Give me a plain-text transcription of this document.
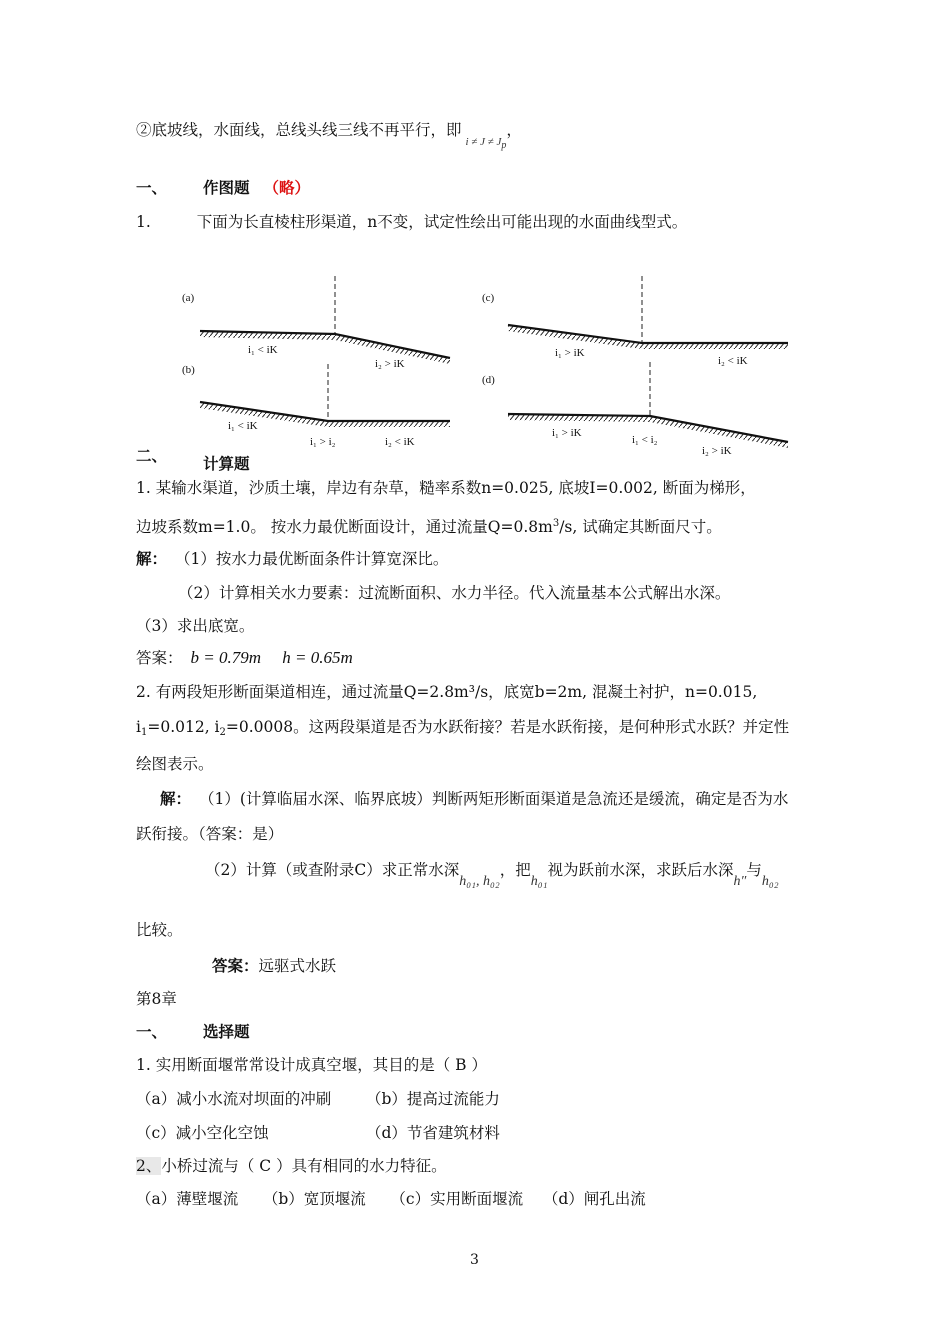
②底坡线，水面线，总线头线三线不再平行，即$_{i \ne J \ne J_p}$，
一、 作图题 （略）
1.	下面为长直棱柱形渠道，n不变，试定性绘出可能出现的水面曲线型式。
(a)
i₁ < iK
i₂ > iK
(b)
i₁ < iK
i₁ > i₂	i₂ < iK
(c)
i₁ > iK
i₂ < iK
(d)
i₁ > iK
i₁ < i₂
i₂ > iK
二、 计算题
1. 某输水渠道，沙质土壤，岸边有杂草，糙率系数n=0.025, 底坡I=0.002, 断面为梯形，
边坡系数m=1.0。 按水力最优断面设计，通过流量$Q=0.8m^3/s$, 试确定其断面尺寸。
解： （1）按水力最优断面条件计算宽深比。
（2）计算相关水力要素：过流断面积、水力半径。代入流量基本公式解出水深。
（3）求出底宽。
答案： b = 0.79m     h = 0.65m
2. 有两段矩形断面渠道相连，通过流量Q=2.8m³/s，底宽b=2m, 混凝土衬护，n=0.015,
$i_1=0.012$, $i_2=0.0008$。这两段渠道是否为水跃衔接？若是水跃衔接，是何种形式水跃？并定性
绘图表示。
解： （1）(计算临届水深、临界底坡）判断两矩形断面渠道是急流还是缓流，确定是否为水
跃衔接。（答案：是）
（2）计算（或查附录C）求正常水深h₀₁, h₀₂，把h₀₁视为跃前水深，求跃后水深h″与h₀₂
比较。
答案：远驱式水跃
第8章
一、 选择题
1. 实用断面堰常常设计成真空堰，其目的是（ B ）
（a）减小水流对坝面的冲刷 （b）提高过流能力
（c）减小空化空蚀	（d）节省建筑材料
2、小桥过流与（ C ）具有相同的水力特征。
（a）薄壁堰流     （b）宽顶堰流     （c）实用断面堰流    （d）闸孔出流
3
